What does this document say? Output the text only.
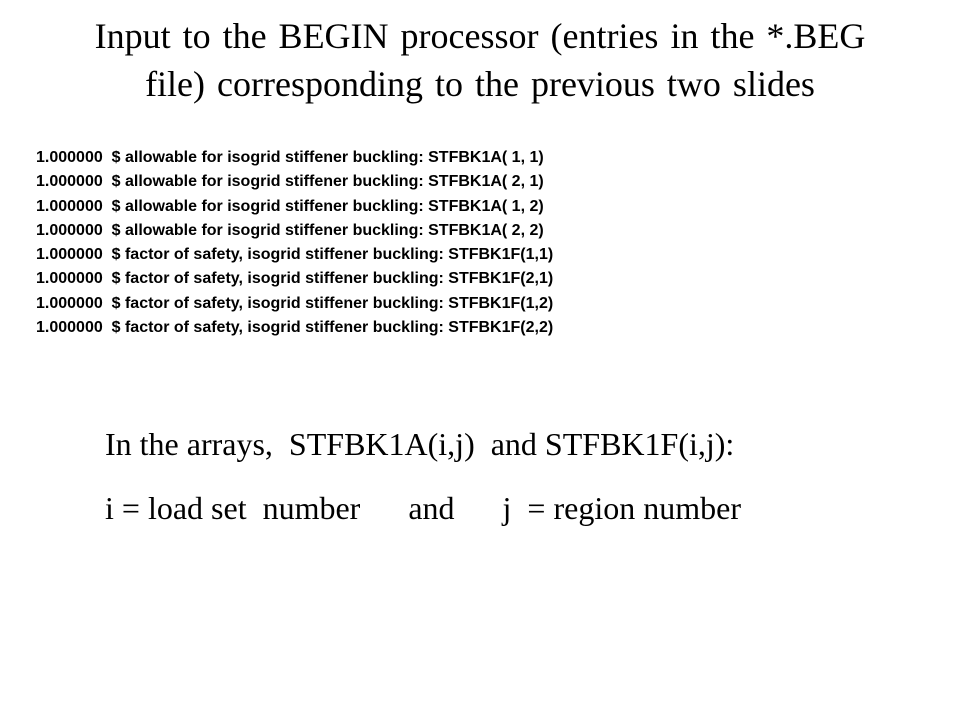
Input to the BEGIN processor (entries in the *.BEG
file) corresponding to the previous two slides
1.000000  $ allowable for isogrid stiffener buckling: STFBK1A( 1, 1)
1.000000  $ allowable for isogrid stiffener buckling: STFBK1A( 2, 1)
1.000000  $ allowable for isogrid stiffener buckling: STFBK1A( 1, 2)
1.000000  $ allowable for isogrid stiffener buckling: STFBK1A( 2, 2)
1.000000  $ factor of safety, isogrid stiffener buckling: STFBK1F(1,1)
1.000000  $ factor of safety, isogrid stiffener buckling: STFBK1F(2,1)
1.000000  $ factor of safety, isogrid stiffener buckling: STFBK1F(1,2)
1.000000  $ factor of safety, isogrid stiffener buckling: STFBK1F(2,2)
In the arrays,  STFBK1A(i,j)  and STFBK1F(i,j):
i = load set  number and j  = region number
